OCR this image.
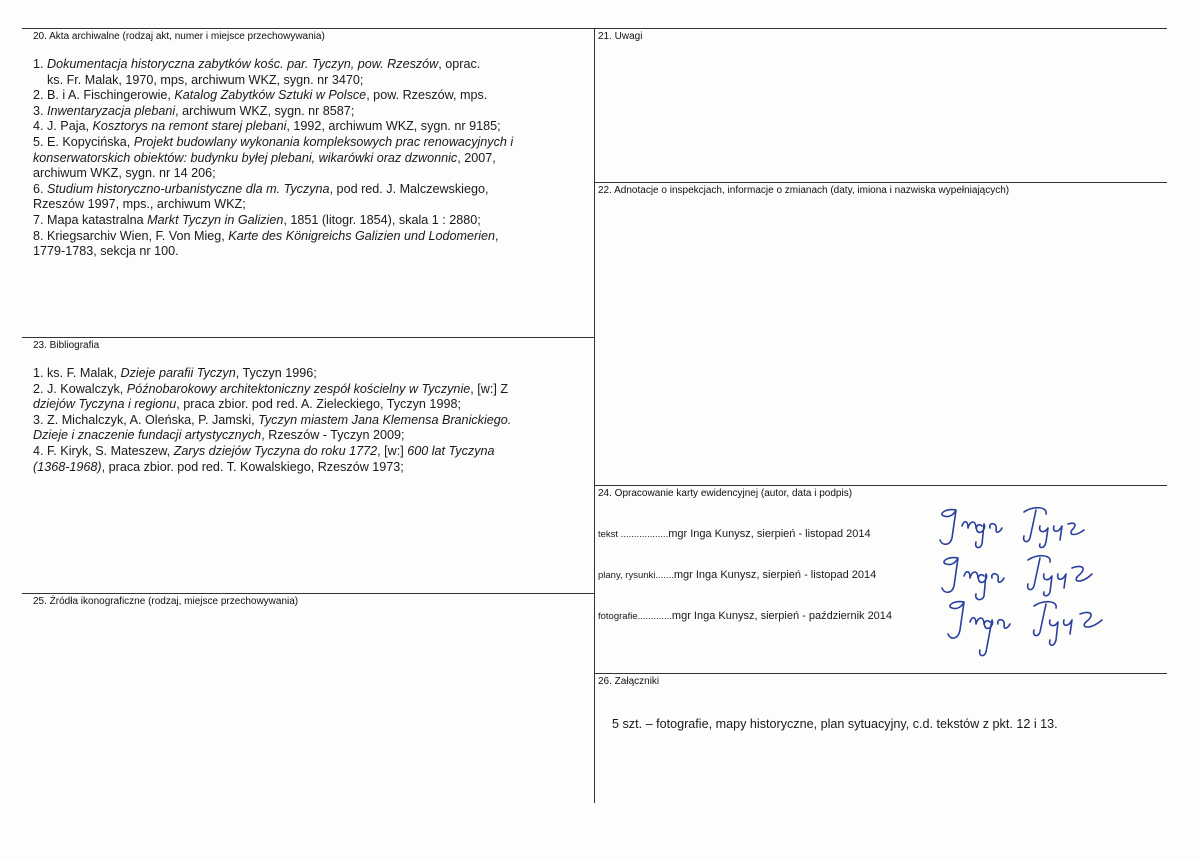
20. Akta archiwalne (rodzaj akt, numer i miejsce przechowywania)
1. Dokumentacja historyczna zabytków kośc. par. Tyczyn, pow. Rzeszów, oprac.
ks. Fr. Malak, 1970, mps, archiwum WKZ, sygn. nr 3470;
2. B. i A. Fischingerowie, Katalog Zabytków Sztuki w Polsce, pow. Rzeszów, mps.
3. Inwentaryzacja plebani, archiwum WKZ, sygn. nr 8587;
4. J. Paja, Kosztorys na remont starej plebani, 1992, archiwum WKZ, sygn. nr 9185;
5. E. Kopycińska, Projekt budowlany wykonania kompleksowych prac renowacyjnych i
konserwatorskich obiektów: budynku byłej plebani, wikarówki oraz dzwonnic, 2007,
archiwum WKZ, sygn. nr 14 206;
6. Studium historyczno-urbanistyczne dla m. Tyczyna, pod red. J. Malczewskiego,
Rzeszów 1997, mps., archiwum WKZ;
7. Mapa katastralna Markt Tyczyn in Galizien, 1851 (litogr. 1854), skala 1 : 2880;
8. Kriegsarchiv Wien, F. Von Mieg, Karte des Königreichs Galizien und Lodomerien,
1779-1783, sekcja nr 100.
21. Uwagi
22. Adnotacje o inspekcjach, informacje o zmianach (daty, imiona i nazwiska wypełniających)
23. Bibliografia
1. ks. F. Malak, Dzieje parafii Tyczyn, Tyczyn 1996;
2. J. Kowalczyk, Późnobarokowy architektoniczny zespół kościelny w Tyczynie, [w:] Z
dziejów Tyczyna i regionu, praca zbior. pod red. A. Zieleckiego, Tyczyn 1998;
3. Z. Michalczyk, A. Oleńska, P. Jamski, Tyczyn miastem Jana Klemensa Branickiego.
Dzieje i znaczenie fundacji artystycznych, Rzeszów - Tyczyn 2009;
4. F. Kiryk, S. Mateszew, Zarys dziejów Tyczyna do roku 1772, [w:] 600 lat Tyczyna
(1368-1968), praca zbior. pod red. T. Kowalskiego, Rzeszów 1973;
24. Opracowanie karty ewidencyjnej (autor, data i podpis)
tekst ..................mgr Inga Kunysz, sierpień - listopad 2014
plany, rysunki.......mgr Inga Kunysz, sierpień - listopad 2014
fotografie.............mgr Inga Kunysz, sierpień - październik 2014
25. Źródła ikonograficzne (rodzaj, miejsce przechowywania)
26. Załączniki
5 szt. – fotografie, mapy historyczne, plan sytuacyjny, c.d. tekstów z pkt. 12 i 13.
